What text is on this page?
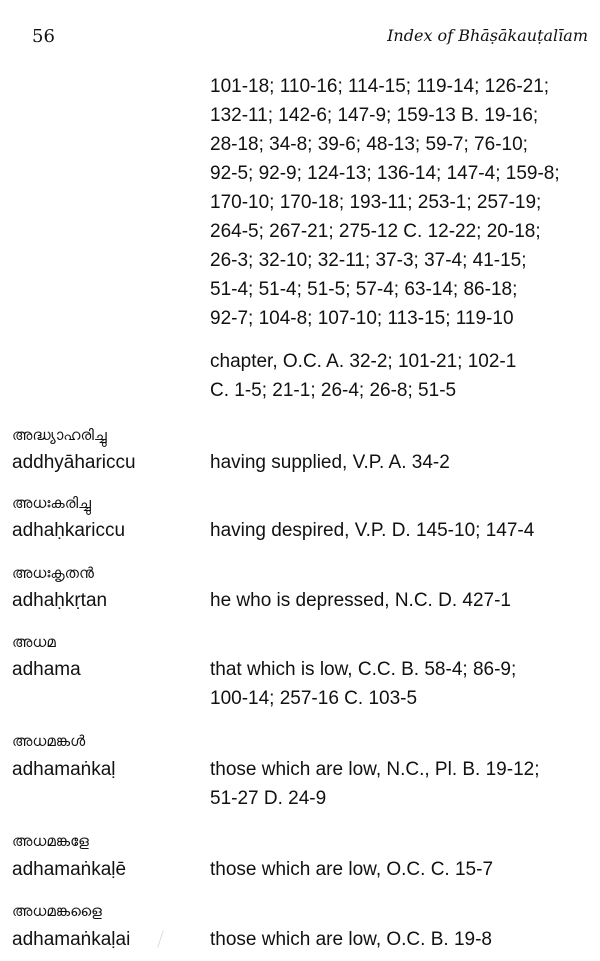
56	Index of Bhāṣākauṭalīam
101-18; 110-16; 114-15; 119-14; 126-21;
132-11; 142-6; 147-9; 159-13 B. 19-16;
28-18; 34-8; 39-6; 48-13; 59-7; 76-10;
92-5; 92-9; 124-13; 136-14; 147-4; 159-8;
170-10; 170-18; 193-11; 253-1; 257-19;
264-5; 267-21; 275-12 C. 12-22; 20-18;
26-3; 32-10; 32-11; 37-3; 37-4; 41-15;
51-4; 51-4; 51-5; 57-4; 63-14; 86-18;
92-7; 104-8; 107-10; 113-15; 119-10
chapter, O.C. A. 32-2; 101-21; 102-1
C. 1-5; 21-1; 26-4; 26-8; 51-5
അദ്ധ്യാഹരിച്ചു
addhyāhariccu	having supplied, V.P. A. 34-2
അധഃകരിച്ചു
adhaḥkariccu	having despired, V.P. D. 145-10; 147-4
അധഃകൃതൻ
adhaḥkṛtan	he who is depressed, N.C. D. 427-1
അധമ
adhama	that which is low, C.C. B. 58-4; 86-9;
100-14; 257-16 C. 103-5
അധമങ്കൾ
adhamaṅkaḷ	those which are low, N.C., Pl. B. 19-12;
51-27 D. 24-9
അധമങ്കളേ
adhamaṅkaḷē	those which are low, O.C. C. 15-7
അധമങ്കളൈ
adhamaṅkaḷai	those which are low, O.C. B. 19-8
